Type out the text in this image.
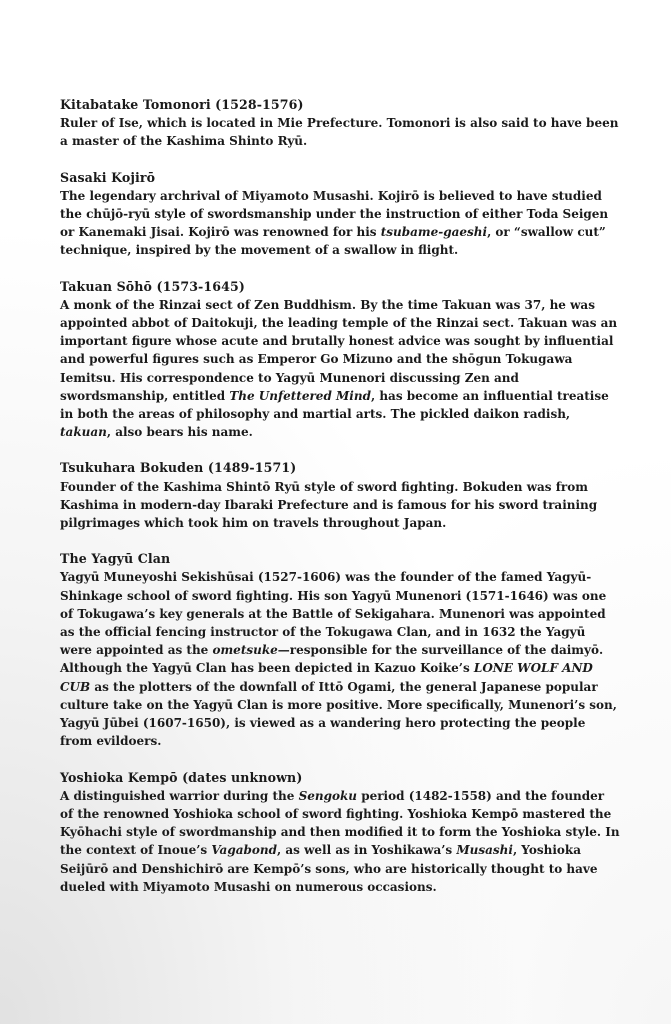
Kitabatake Tomonori (1528-1576)

Ruler of Ise, which is located in Mie Prefecture. Tomonori is also said to have been a master of the Kashima Shinto Ryū.

Sasaki Kojirō

The legendary archrival of Miyamoto Musashi. Kojirō is believed to have studied the chūjō-ryū style of swordsmanship under the instruction of either Toda Seigen or Kanemaki Jisai. Kojirō was renowned for his tsubame-gaeshi, or “swallow cut” technique, inspired by the movement of a swallow in flight.

Takuan Sōhō (1573-1645)

A monk of the Rinzai sect of Zen Buddhism. By the time Takuan was 37, he was appointed abbot of Daitokuji, the leading temple of the Rinzai sect. Takuan was an important figure whose acute and brutally honest advice was sought by influential and powerful figures such as Emperor Go Mizuno and the shōgun Tokugawa Iemitsu. His correspondence to Yagyū Munenori discussing Zen and swordsmanship, entitled The Unfettered Mind, has become an influential treatise in both the areas of philosophy and martial arts. The pickled daikon radish, takuan, also bears his name.

Tsukuhara Bokuden (1489-1571)

Founder of the Kashima Shintō Ryū style of sword fighting. Bokuden was from Kashima in modern-day Ibaraki Prefecture and is famous for his sword training pilgrimages which took him on travels throughout Japan.

The Yagyū Clan

Yagyū Muneyoshi Sekishūsai (1527-1606) was the founder of the famed Yagyū-Shinkage school of sword fighting. His son Yagyū Munenori (1571-1646) was one of Tokugawa’s key generals at the Battle of Sekigahara. Munenori was appointed as the official fencing instructor of the Tokugawa Clan, and in 1632 the Yagyū were appointed as the ometsuke—responsible for the surveillance of the daimyō. Although the Yagyū Clan has been depicted in Kazuo Koike’s LONE WOLF AND CUB as the plotters of the downfall of Ittō Ogami, the general Japanese popular culture take on the Yagyū Clan is more positive. More specifically, Munenori’s son, Yagyū Jūbei (1607-1650), is viewed as a wandering hero protecting the people from evildoers.

Yoshioka Kempō (dates unknown)

A distinguished warrior during the Sengoku period (1482-1558) and the founder of the renowned Yoshioka school of sword fighting. Yoshioka Kempō mastered the Kyōhachi style of swordmanship and then modified it to form the Yoshioka style. In the context of Inoue’s Vagabond, as well as in Yoshikawa’s Musashi, Yoshioka Seijūrō and Denshichirō are Kempō’s sons, who are historically thought to have dueled with Miyamoto Musashi on numerous occasions.
